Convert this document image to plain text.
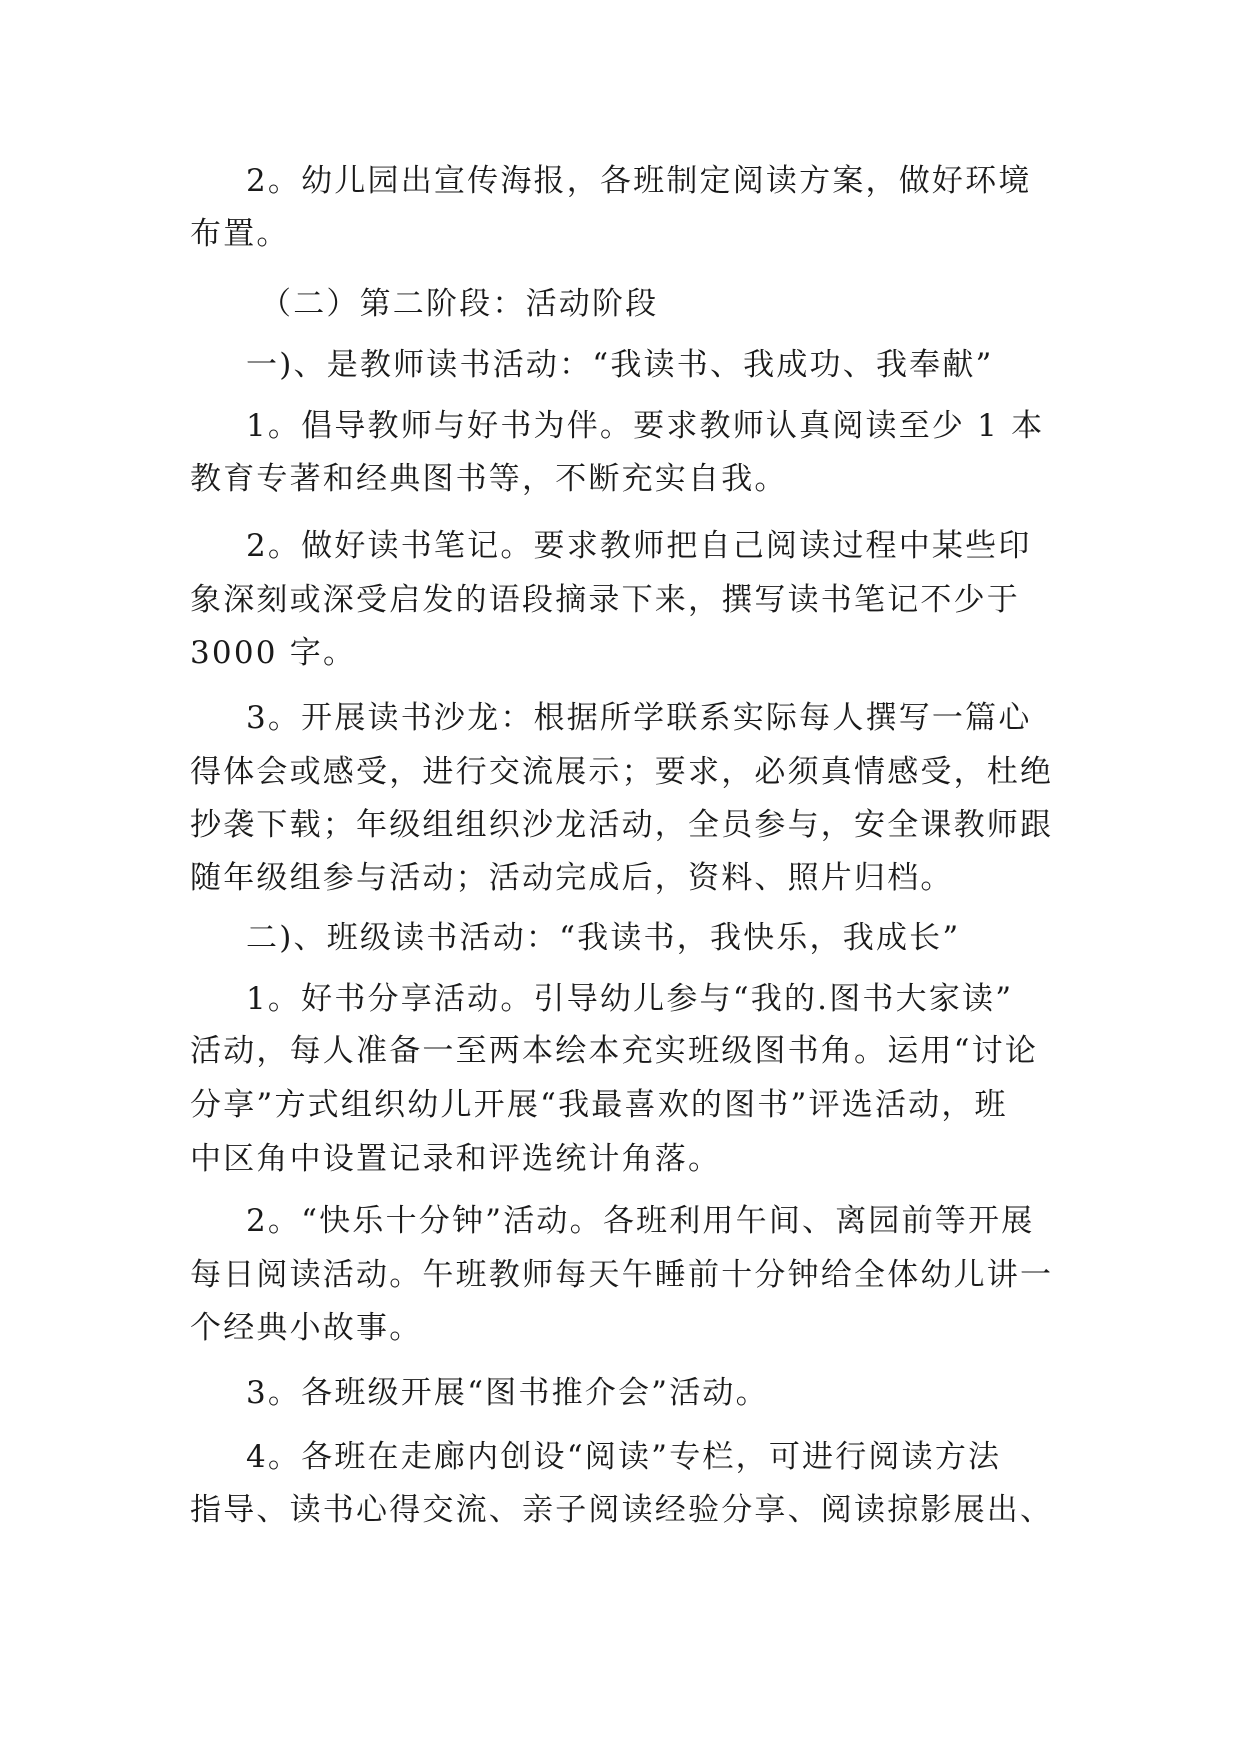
2。幼儿园出宣传海报，各班制定阅读方案，做好环境
布置。
（二）第二阶段：活动阶段
一)、是教师读书活动：“我读书、我成功、我奉献”
1。倡导教师与好书为伴。要求教师认真阅读至少 1 本
教育专著和经典图书等，不断充实自我。
2。做好读书笔记。要求教师把自己阅读过程中某些印
象深刻或深受启发的语段摘录下来，撰写读书笔记不少于
3000 字。
3。开展读书沙龙：根据所学联系实际每人撰写一篇心
得体会或感受，进行交流展示；要求，必须真情感受，杜绝
抄袭下载；年级组组织沙龙活动，全员参与，安全课教师跟
随年级组参与活动；活动完成后，资料、照片归档。
二)、班级读书活动：“我读书，我快乐，我成长”
1。好书分享活动。引导幼儿参与“我的.图书大家读”
活动，每人准备一至两本绘本充实班级图书角。运用“讨论
分享”方式组织幼儿开展“我最喜欢的图书”评选活动，班
中区角中设置记录和评选统计角落。
2。“快乐十分钟”活动。各班利用午间、离园前等开展
每日阅读活动。午班教师每天午睡前十分钟给全体幼儿讲一
个经典小故事。
3。各班级开展“图书推介会”活动。
4。各班在走廊内创设“阅读”专栏，可进行阅读方法
指导、读书心得交流、亲子阅读经验分享、阅读掠影展出、
